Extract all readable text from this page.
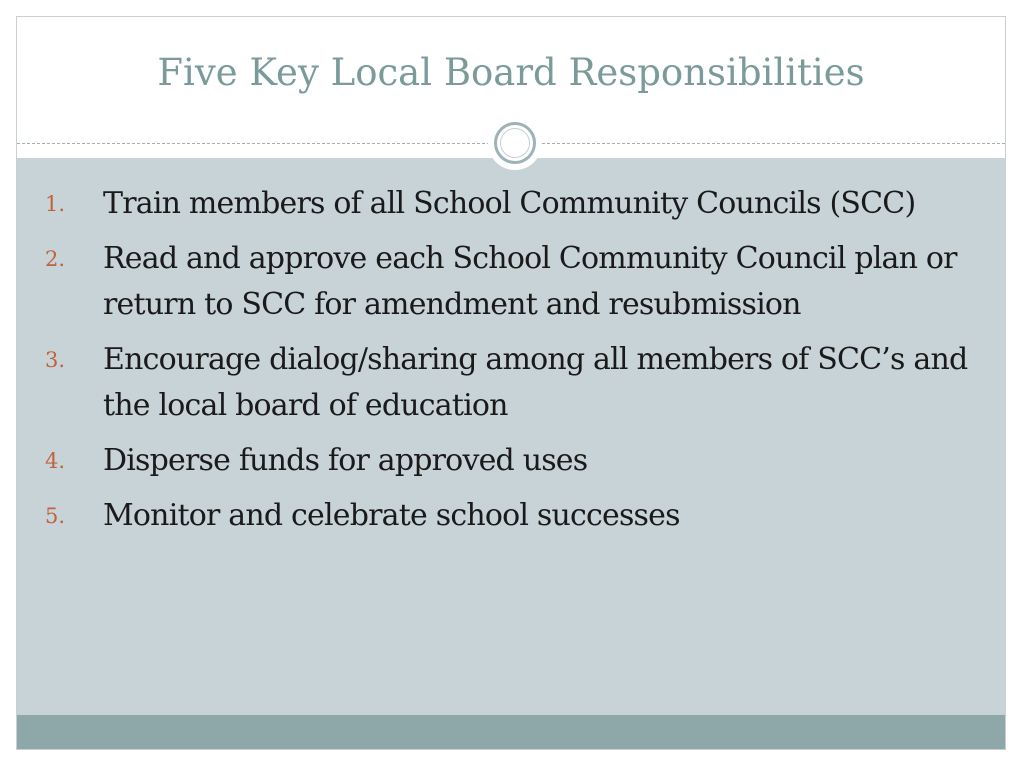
Five Key Local Board Responsibilities
1. Train members of all School Community Councils (SCC)
2. Read and approve each School Community Council plan or return to SCC for amendment and resubmission
3. Encourage dialog/sharing among all members of SCC’s and the local board of education
4. Disperse funds for approved uses
5. Monitor and celebrate school successes
